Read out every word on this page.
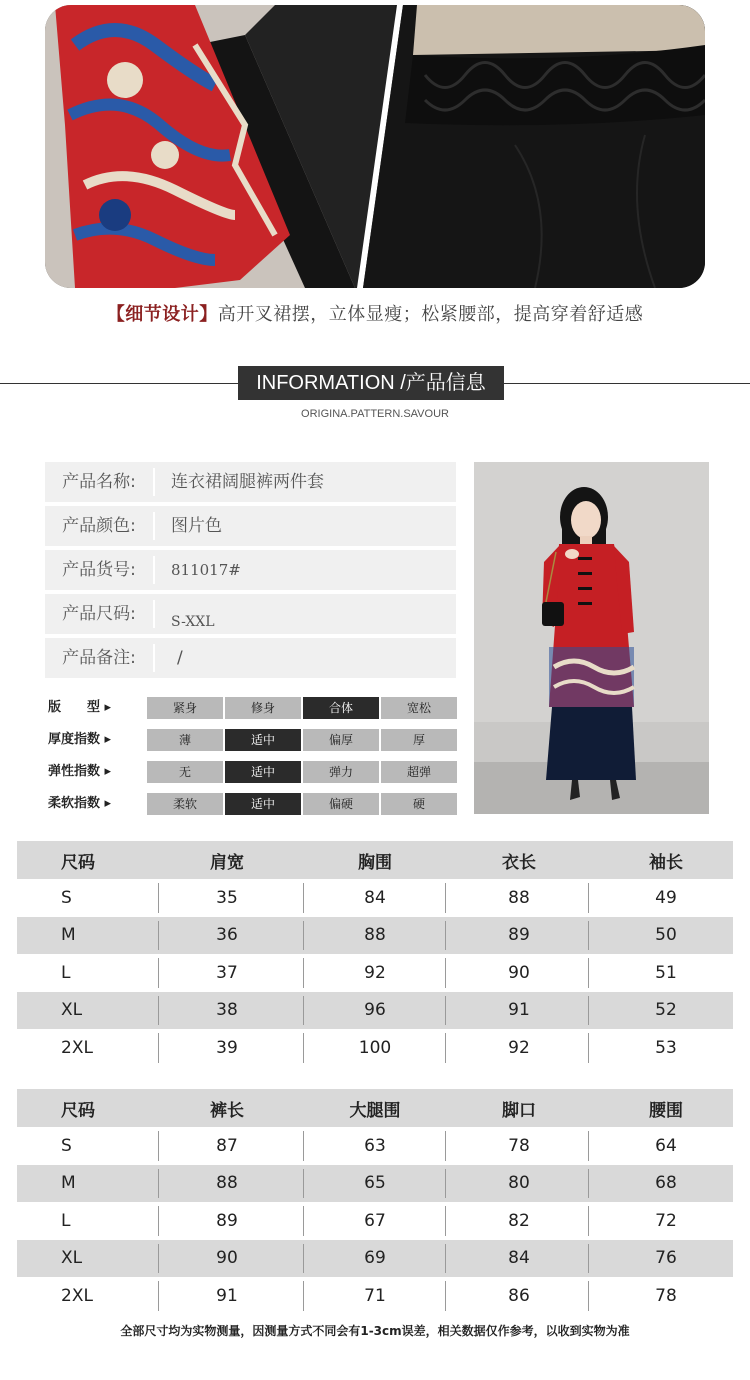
【细节设计】高开叉裙摆，立体显瘦；松紧腰部，提高穿着舒适感
INFORMATION /产品信息
ORIGINA.PATTERN.SAVOUR
产品名称:	连衣裙阔腿裤两件套
产品颜色:	图片色
产品货号:	811017#
产品尺码:	S-XXL
产品备注:	/
版　　型 ▸	紧身	修身	合体	宽松
厚度指数 ▸	薄	适中	偏厚	厚
弹性指数 ▸	无	适中	弹力	超弹
柔软指数 ▸	柔软	适中	偏硬	硬
尺码	肩宽	胸围	衣长	袖长
S	35	84	88	49
M	36	88	89	50
L	37	92	90	51
XL	38	96	91	52
2XL	39	100	92	53
尺码	裤长	大腿围	脚口	腰围
S	87	63	78	64
M	88	65	80	68
L	89	67	82	72
XL	90	69	84	76
2XL	91	71	86	78
全部尺寸均为实物测量，因测量方式不同会有1-3cm误差，相关数据仅作参考，以收到实物为准
